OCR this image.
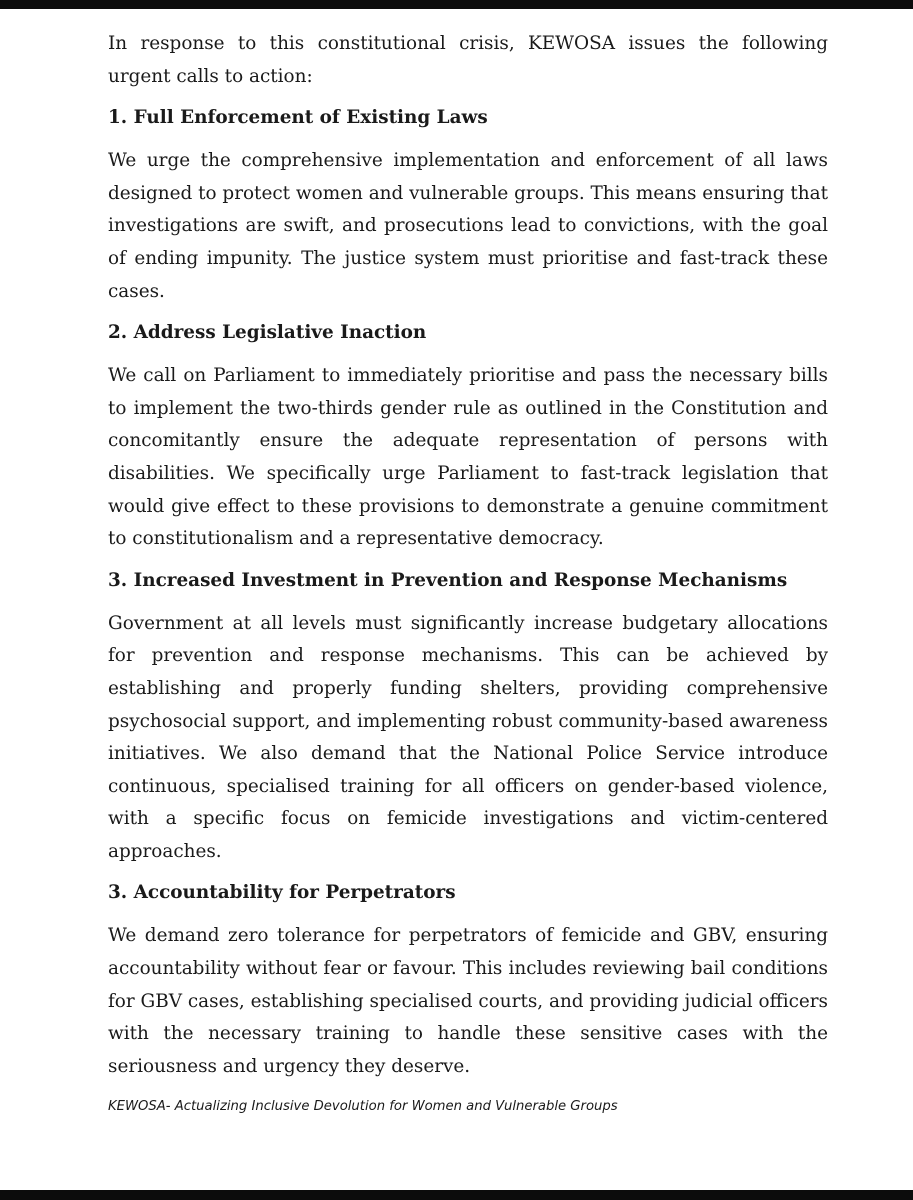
In response to this constitutional crisis, KEWOSA issues the following urgent calls to action:

1. Full Enforcement of Existing Laws

We urge the comprehensive implementation and enforcement of all laws designed to protect women and vulnerable groups. This means ensuring that investigations are swift, and prosecutions lead to convictions, with the goal of ending impunity. The justice system must prioritise and fast-track these cases.

2. Address Legislative Inaction

We call on Parliament to immediately prioritise and pass the necessary bills to implement the two-thirds gender rule as outlined in the Constitution and concomitantly ensure the adequate representation of persons with disabilities. We specifically urge Parliament to fast-track legislation that would give effect to these provisions to demonstrate a genuine commitment to constitutionalism and a representative democracy.

3. Increased Investment in Prevention and Response Mechanisms

Government at all levels must significantly increase budgetary allocations for prevention and response mechanisms. This can be achieved by establishing and properly funding shelters, providing comprehensive psychosocial support, and implementing robust community-based awareness initiatives. We also demand that the National Police Service introduce continuous, specialised training for all officers on gender-based violence, with a specific focus on femicide investigations and victim-centered approaches.

3. Accountability for Perpetrators

We demand zero tolerance for perpetrators of femicide and GBV, ensuring accountability without fear or favour. This includes reviewing bail conditions for GBV cases, establishing specialised courts, and providing judicial officers with the necessary training to handle these sensitive cases with the seriousness and urgency they deserve.

KEWOSA- Actualizing Inclusive Devolution for Women and Vulnerable Groups
